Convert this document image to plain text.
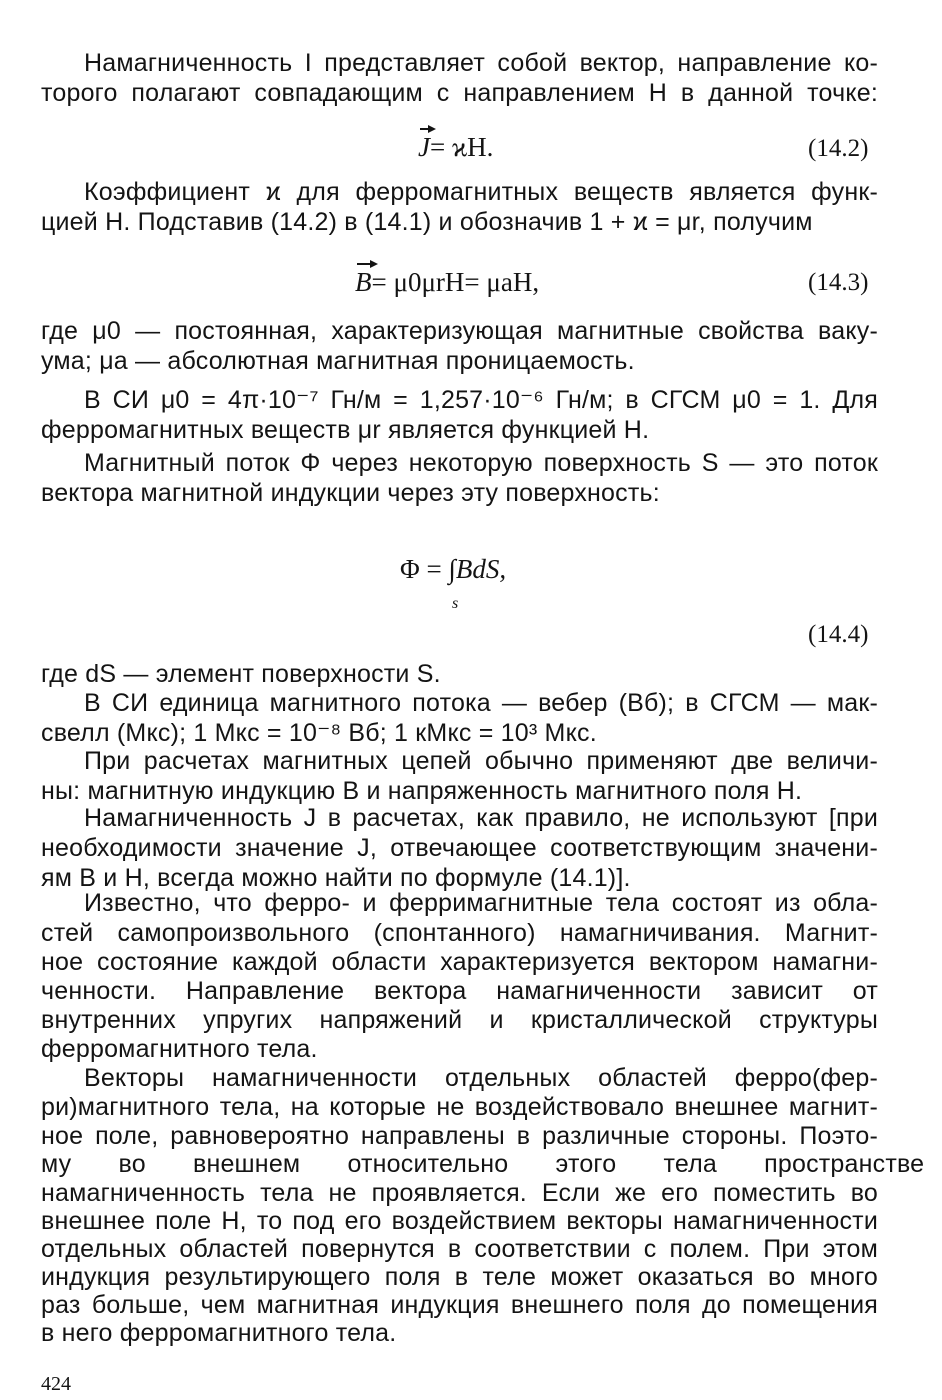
Намагниченность І представляет собой вектор, направление ко-
торого полагают совпадающим с направлением H в данной точке:
J= ϰH.	(14.2)
Коэффициент ϰ для ферромагнитных веществ является функ-
цией H. Подставив (14.2) в (14.1) и обозначив 1 + ϰ = μr, получим
B= μ0μrH= μaH,	(14.3)
где μ0 — постоянная, характеризующая магнитные свойства ваку-
ума; μa — абсолютная магнитная проницаемость.
В СИ μ0 = 4π·10⁻⁷ Гн/м = 1,257·10⁻⁶ Гн/м; в СГСМ μ0 = 1. Для
ферромагнитных веществ μr является функцией H.
Магнитный поток Φ через некоторую поверхность S — это поток
вектора магнитной индукции через эту поверхность:
Φ = ∫BdS,
s
(14.4)
где dS — элемент поверхности S.
В СИ единица магнитного потока — вебер (Вб); в СГСМ — мак-
свелл (Мкс); 1 Мкс = 10⁻⁸ Вб; 1 кМкс = 10³ Мкс.
При расчетах магнитных цепей обычно применяют две величи-
ны: магнитную индукцию B и напряженность магнитного поля H.
Намагниченность J в расчетах, как правило, не используют [при
необходимости значение J, отвечающее соответствующим значени-
ям B и H, всегда можно найти по формуле (14.1)].
Известно, что ферро- и ферримагнитные тела состоят из обла-
стей самопроизвольного (спонтанного) намагничивания. Магнит-
ное состояние каждой области характеризуется вектором намагни-
ченности. Направление вектора намагниченности зависит от
внутренних упругих напряжений и кристаллической структуры
ферромагнитного тела.
Векторы намагниченности отдельных областей ферро(фер-
ри)магнитного тела, на которые не воздействовало внешнее магнит-
ное поле, равновероятно направлены в различные стороны. Поэто-
му во внешнем относительно этого тела пространстве
намагниченность тела не проявляется. Если же его поместить во
внешнее поле H, то под его воздействием векторы намагниченности
отдельных областей повернутся в соответствии с полем. При этом
индукция результирующего поля в теле может оказаться во много
раз больше, чем магнитная индукция внешнего поля до помещения
в него ферромагнитного тела.
424
